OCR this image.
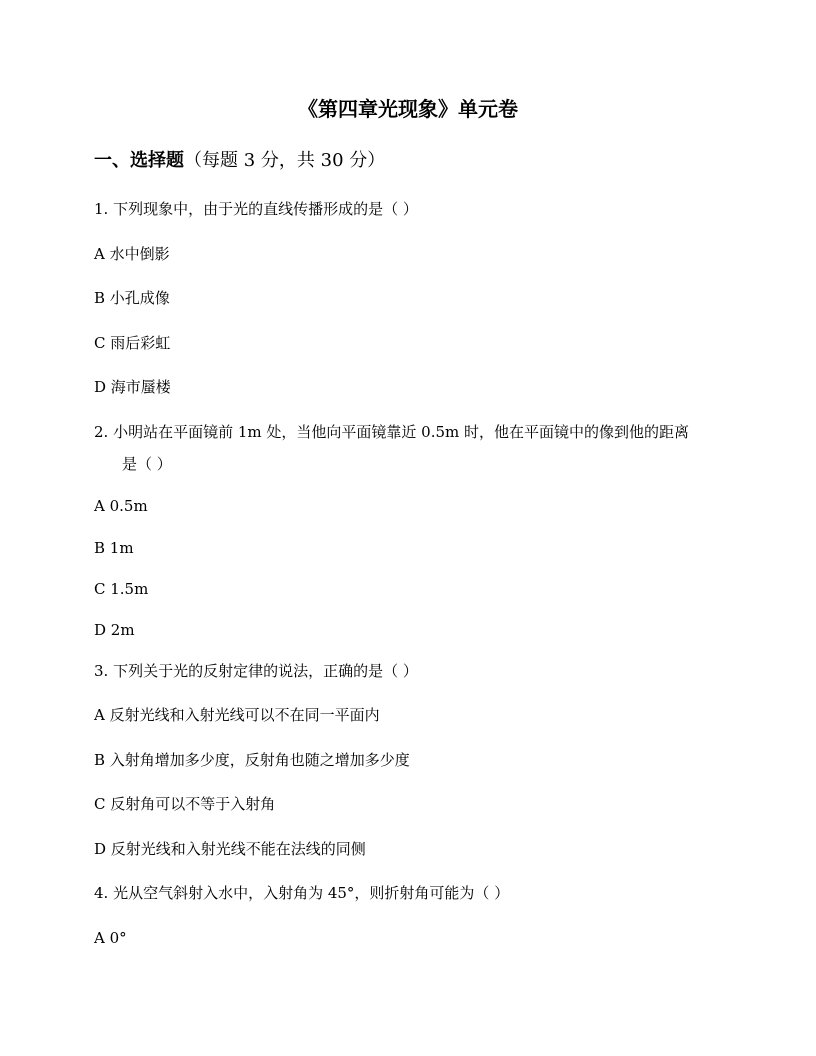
《第四章光现象》单元卷
一、选择题（每题 3 分，共 30 分）
1. 下列现象中，由于光的直线传播形成的是（ ）
A 水中倒影
B 小孔成像
C 雨后彩虹
D 海市蜃楼
2. 小明站在平面镜前 1m 处，当他向平面镜靠近 0.5m 时，他在平面镜中的像到他的距离
是（ ）
A 0.5m
B 1m
C 1.5m
D 2m
3. 下列关于光的反射定律的说法，正确的是（ ）
A 反射光线和入射光线可以不在同一平面内
B 入射角增加多少度，反射角也随之增加多少度
C 反射角可以不等于入射角
D 反射光线和入射光线不能在法线的同侧
4. 光从空气斜射入水中，入射角为 45°，则折射角可能为（ ）
A 0°
